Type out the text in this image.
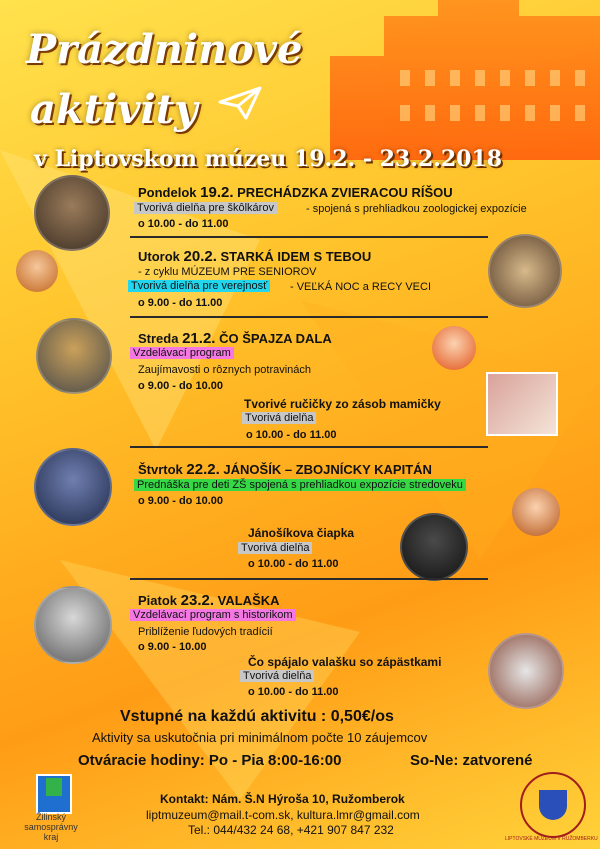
Prázdninové
aktivity
v Liptovskom múzeu 19.2. - 23.2.2018
Pondelok 19.2. PRECHÁDZKA ZVIERACOU RÍŠOU
Tvorivá dielňa pre škôlkárov	- spojená s prehliadkou zoologickej expozície
o 10.00 - do 11.00
Utorok 20.2. STARKÁ IDEM S TEBOU
- z cyklu MÚZEUM PRE SENIOROV
Tvorivá dielňa pre verejnosť - VEĽKÁ NOC a RECY VECI
o 9.00 - do 11.00
Streda 21.2. ČO ŠPAJZA DALA
Vzdelávací program
Zaujímavosti o rôznych potravinách
o 9.00 - do 10.00
Tvorivé ručičky zo zásob mamičky
Tvorivá dielňa
o 10.00 - do 11.00
Štvrtok 22.2. JÁNOŠÍK – ZBOJNÍCKY KAPITÁN
Prednáška pre deti ZŠ spojená s prehliadkou expozície stredoveku
o 9.00 - do 10.00
Jánošíkova čiapka
Tvorivá dielňa
o 10.00 - do 11.00
Piatok 23.2. VALAŠKA
Vzdelávací program s historikom
Priblíženie ľudových tradícií
o 9.00 - 10.00
Čo spájalo valašku so zápästkami
Tvorivá dielňa
o 10.00 - do 11.00
Vstupné na každú aktivitu : 0,50€/os
Aktivity sa uskutočnia pri minimálnom počte 10 záujemcov
Otváracie hodiny: Po - Pia 8:00-16:00	So-Ne: zatvorené
Kontakt: Nám. Š.N Hýroša 10, Ružomberok
liptmuzeum@mail.t-com.sk, kultura.lmr@gmail.com
Tel.: 044/432 24 68, +421 907 847 232
Žilinský samosprávny kraj	LIPTOVSKÉ MÚZEUM V RUŽOMBERKU
